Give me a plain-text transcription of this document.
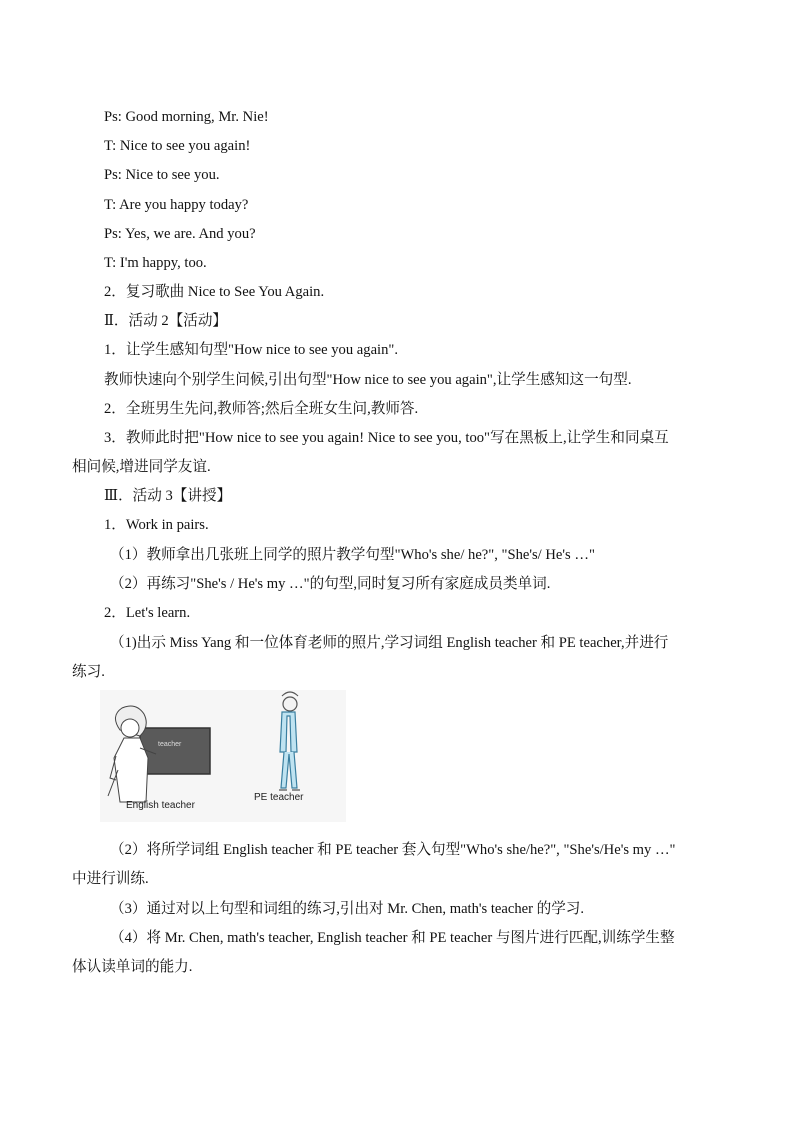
Ps: Good morning, Mr. Nie!
T: Nice to see you again!
Ps: Nice to see you.
T: Are you happy today?
Ps: Yes, we are. And you?
T: I'm happy, too.
2．复习歌曲 Nice to See You Again.
Ⅱ．活动 2【活动】
1．让学生感知句型"How nice to see you again".
教师快速向个别学生问候,引出句型"How nice to see you again",让学生感知这一句型.
2．全班男生先问,教师答;然后全班女生问,教师答.
3．教师此时把"How nice to see you again! Nice to see you, too"写在黑板上,让学生和同桌互
相问候,增进同学友谊.
Ⅲ．活动 3【讲授】
1．Work in pairs.
（1）教师拿出几张班上同学的照片教学句型"Who's she/ he?", "She's/ He's …"
（2）再练习"She's / He's my …"的句型,同时复习所有家庭成员类单词.
2．Let's learn.
（1)出示 Miss Yang 和一位体育老师的照片,学习词组 English teacher 和 PE teacher,并进行
练习.
teacher
English teacher
PE teacher
（2）将所学词组 English teacher 和 PE teacher 套入句型"Who's she/he?", "She's/He's my …"
中进行训练.
（3）通过对以上句型和词组的练习,引出对 Mr. Chen, math's teacher 的学习.
（4）将 Mr. Chen, math's teacher, English teacher 和 PE teacher 与图片进行匹配,训练学生整
体认读单词的能力.
